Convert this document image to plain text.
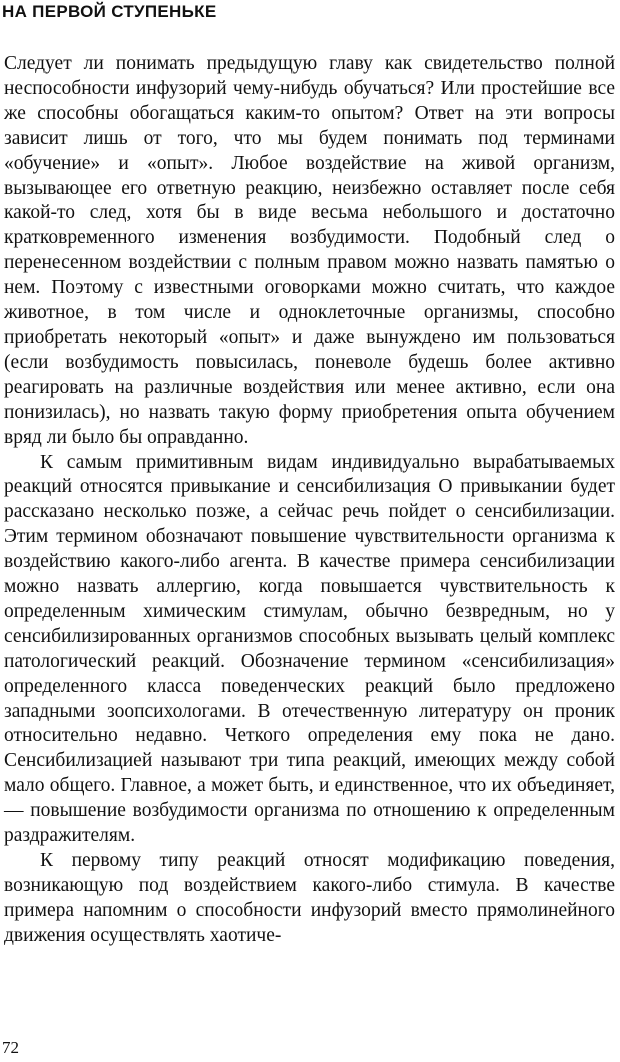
НА ПЕРВОЙ СТУПЕНЬКЕ

Следует ли понимать предыдущую главу как свидетельство полной неспособности инфузорий чему-нибудь обучаться? Или простейшие все же способны обогащаться каким-то опытом? Ответ на эти вопросы зависит лишь от того, что мы будем понимать под терминами «обучение» и «опыт». Любое воздействие на живой организм, вызывающее его ответную реакцию, неизбежно оставляет после себя какой-то след, хотя бы в виде весьма небольшого и достаточно кратковременного изменения возбудимости. Подобный след о перенесенном воздействии с полным правом можно назвать памятью о нем. Поэтому с известными оговорками можно считать, что каждое животное, в том числе и одноклеточные организмы, способно приобретать некоторый «опыт» и даже вынуждено им пользоваться (если возбудимость повысилась, поневоле будешь более активно реагировать на различные воздействия или менее активно, если она понизилась), но назвать такую форму приобретения опыта обучением вряд ли было бы оправданно.

К самым примитивным видам индивидуально вырабатываемых реакций относятся привыкание и сенсибилизация О привыкании будет рассказано несколько позже, а сейчас речь пойдет о сенсибилизации. Этим термином обозначают повышение чувствительности организма к воздействию какого-либо агента. В качестве примера сенсибилизации можно назвать аллергию, когда повышается чувствительность к определенным химическим стимулам, обычно безвредным, но у сенсибилизированных организмов способных вызывать целый комплекс патологический реакций. Обозначение термином «сенсибилизация» определенного класса поведенческих реакций было предложено западными зоопсихологами. В отечественную литературу он проник относительно недавно. Четкого определения ему пока не дано. Сенсибилизацией называют три типа реакций, имеющих между собой мало общего. Главное, а может быть, и единственное, что их объединяет, — повышение возбудимости организма по отношению к определенным раздражителям.

К первому типу реакций относят модификацию поведения, возникающую под воздействием какого-либо стимула. В качестве примера напомним о способности инфузорий вместо прямолинейного движения осуществлять хаотиче-

72
